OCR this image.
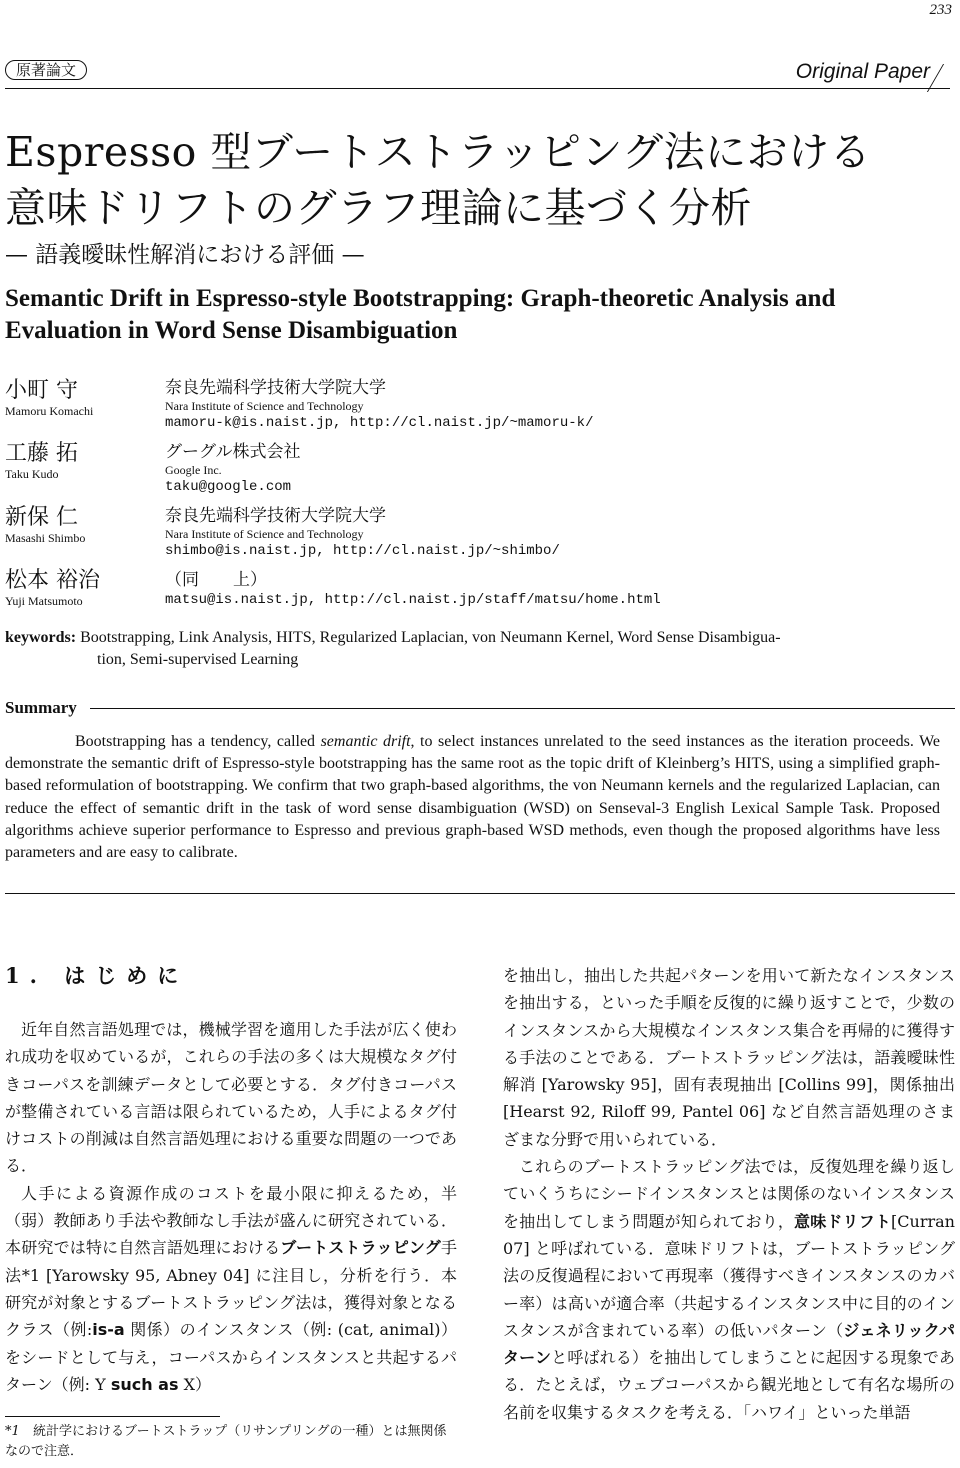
233
原著論文	Original Paper
Espresso 型ブートストラッピング法における
意味ドリフトのグラフ理論に基づく分析
— 語義曖昧性解消における評価 —
Semantic Drift in Espresso-style Bootstrapping: Graph-theoretic Analysis and
Evaluation in Word Sense Disambiguation
小町 守
Mamoru Komachi
工藤 拓
Taku Kudo
新保 仁
Masashi Shimbo
松本 裕治
Yuji Matsumoto
奈良先端科学技術大学院大学
Nara Institute of Science and Technology
mamoru-k@is.naist.jp, http://cl.naist.jp/~mamoru-k/
グーグル株式会社
Google Inc.
taku@google.com
奈良先端科学技術大学院大学
Nara Institute of Science and Technology
shimbo@is.naist.jp, http://cl.naist.jp/~shimbo/
（同　　上）
matsu@is.naist.jp, http://cl.naist.jp/staff/matsu/home.html
keywords: Bootstrapping, Link Analysis, HITS, Regularized Laplacian, von Neumann Kernel, Word Sense Disambigua-
tion, Semi-supervised Learning
Summary
Bootstrapping has a tendency, called semantic drift, to select instances unrelated to the seed instances as the iteration proceeds. We demonstrate the semantic drift of Espresso-style bootstrapping has the same root as the topic drift of Kleinberg’s HITS, using a simplified graph-based reformulation of bootstrapping. We confirm that two graph-based algorithms, the von Neumann kernels and the regularized Laplacian, can reduce the effect of semantic drift in the task of word sense disambiguation (WSD) on Senseval-3 English Lexical Sample Task. Proposed algorithms achieve superior performance to Espresso and previous graph-based WSD methods, even though the proposed algorithms have less parameters and are easy to calibrate.
1. はじめに

近年自然言語処理では，機械学習を適用した手法が広く使われ成功を収めているが，これらの手法の多くは大規模なタグ付きコーパスを訓練データとして必要とする．タグ付きコーパスが整備されている言語は限られているため，人手によるタグ付けコストの削減は自然言語処理における重要な問題の一つである．

人手による資源作成のコストを最小限に抑えるため，半（弱）教師あり手法や教師なし手法が盛んに研究されている．本研究では特に自然言語処理におけるブートストラッピング手法*1 [Yarowsky 95, Abney 04] に注目し，分析を行う．本研究が対象とするブートストラッピング法は，獲得対象となるクラス（例:is-a 関係）のインスタンス（例: (cat, animal)）をシードとして与え，コーパスからインスタンスと共起するパターン（例: Y such as X）

を抽出し，抽出した共起パターンを用いて新たなインスタンスを抽出する，といった手順を反復的に繰り返すことで，少数のインスタンスから大規模なインスタンス集合を再帰的に獲得する手法のことである．ブートストラッピング法は，語義曖昧性解消 [Yarowsky 95]，固有表現抽出 [Collins 99]，関係抽出 [Hearst 92, Riloff 99, Pantel 06] など自然言語処理のさまざまな分野で用いられている．

これらのブートストラッピング法では，反復処理を繰り返していくうちにシードインスタンスとは関係のないインスタンスを抽出してしまう問題が知られており，意味ドリフト[Curran 07] と呼ばれている．意味ドリフトは，ブートストラッピング法の反復過程において再現率（獲得すべきインスタンスのカバー率）は高いが適合率（共起するインスタンス中に目的のインスタンスが含まれている率）の低いパターン（ジェネリックパターンと呼ばれる）を抽出してしまうことに起因する現象である．たとえば，ウェブコーパスから観光地として有名な場所の名前を収集するタスクを考える．「ハワイ」といった単語

*1 統計学におけるブートストラップ（リサンプリングの一種）とは無関係なので注意．
